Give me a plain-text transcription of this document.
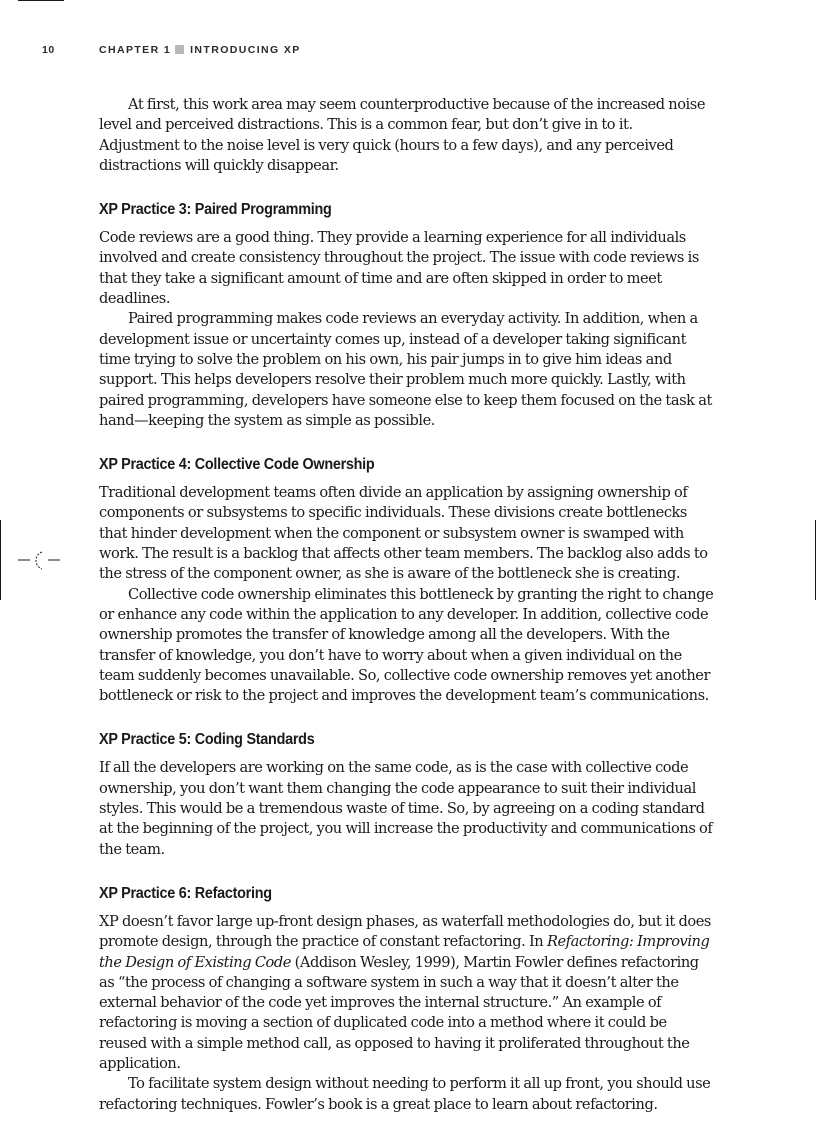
10	CHAPTER 1 INTRODUCING XP

At first, this work area may seem counterproductive because of the increased noise level and perceived distractions. This is a common fear, but don’t give in to it. Adjustment to the noise level is very quick (hours to a few days), and any perceived distractions will quickly disappear.

XP Practice 3: Paired Programming

Code reviews are a good thing. They provide a learning experience for all individuals involved and create consistency throughout the project. The issue with code reviews is that they take a significant amount of time and are often skipped in order to meet deadlines.

Paired programming makes code reviews an everyday activity. In addition, when a development issue or uncertainty comes up, instead of a developer taking significant time trying to solve the problem on his own, his pair jumps in to give him ideas and support. This helps developers resolve their problem much more quickly. Lastly, with paired programming, developers have someone else to keep them focused on the task at hand—keeping the system as simple as possible.

XP Practice 4: Collective Code Ownership

Traditional development teams often divide an application by assigning ownership of components or subsystems to specific individuals. These divisions create bottlenecks that hinder development when the component or subsystem owner is swamped with work. The result is a backlog that affects other team members. The backlog also adds to the stress of the component owner, as she is aware of the bottleneck she is creating.

Collective code ownership eliminates this bottleneck by granting the right to change or enhance any code within the application to any developer. In addition, collective code ownership promotes the transfer of knowledge among all the developers. With the transfer of knowledge, you don’t have to worry about when a given individual on the team suddenly becomes unavailable. So, collective code ownership removes yet another bottleneck or risk to the project and improves the development team’s communications.

XP Practice 5: Coding Standards

If all the developers are working on the same code, as is the case with collective code ownership, you don’t want them changing the code appearance to suit their individual styles. This would be a tremendous waste of time. So, by agreeing on a coding standard at the beginning of the project, you will increase the productivity and communications of the team.

XP Practice 6: Refactoring

XP doesn’t favor large up-front design phases, as waterfall methodologies do, but it does promote design, through the practice of constant refactoring. In Refactoring: Improving the Design of Existing Code (Addison Wesley, 1999), Martin Fowler defines refactoring as “the process of changing a software system in such a way that it doesn’t alter the external behavior of the code yet improves the internal structure.” An example of refactoring is moving a section of duplicated code into a method where it could be reused with a simple method call, as opposed to having it proliferated throughout the application.

To facilitate system design without needing to perform it all up front, you should use refactoring techniques. Fowler’s book is a great place to learn about refactoring.
